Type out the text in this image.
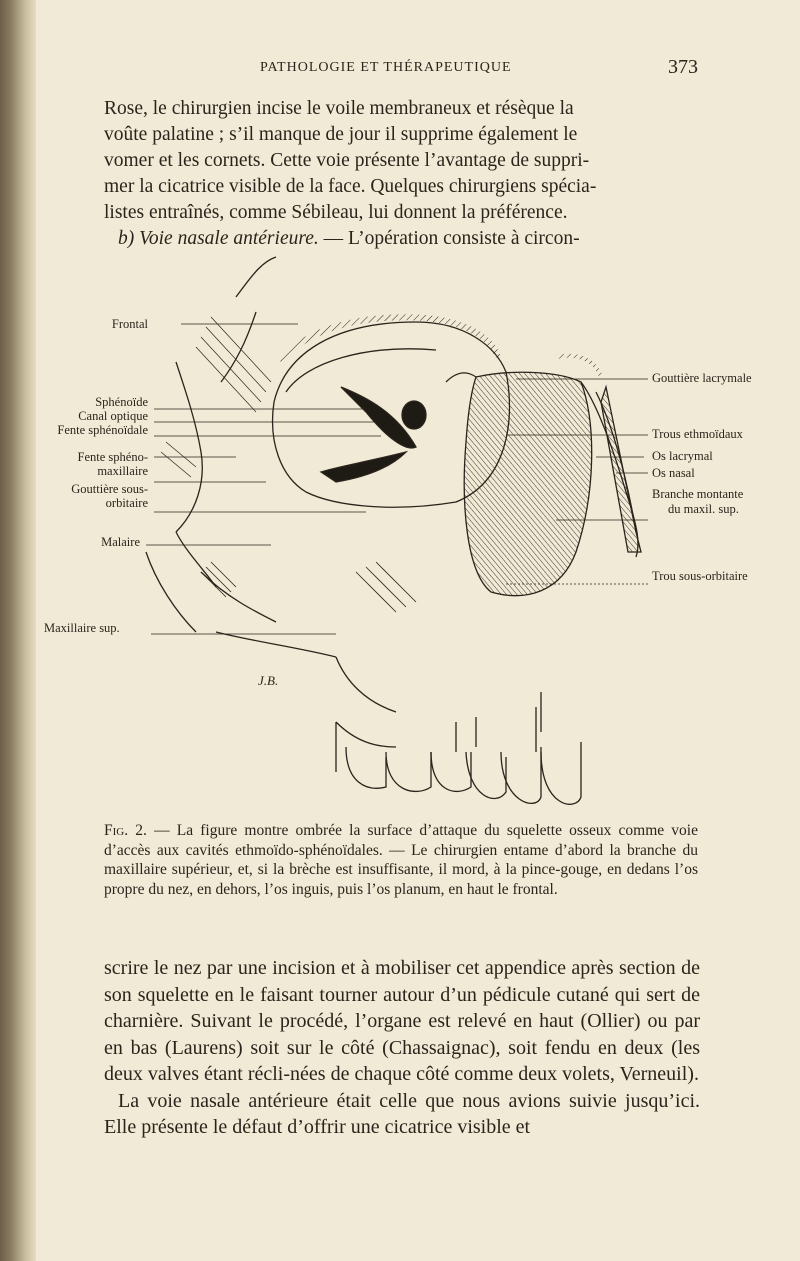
PATHOLOGIE ET THÉRAPEUTIQUE	373

Rose, le chirurgien incise le voile membraneux et résèque la

voûte palatine ; s’il manque de jour il supprime également le

vomer et les cornets. Cette voie présente l’avantage de suppri-

mer la cicatrice visible de la face. Quelques chirurgiens spécia-

listes entraînés, comme Sébileau, lui donnent la préférence.

b) Voie nasale antérieure. — L’opération consiste à circon-

Frontal
Sphénoïde
Canal optique
Fente sphénoïdale
Fente sphéno-
maxillaire
Gouttière sous-
orbitaire
Malaire
Maxillaire sup.
Gouttière lacrymale
Trous ethmoïdaux
Os lacrymal
Os nasal
Branche montante
du maxil. sup.
Trou sous-orbitaire
J.B.
Fig. 2. — La figure montre ombrée la surface d’attaque du squelette osseux comme voie d’accès aux cavités ethmoïdo-sphénoïdales. — Le chirurgien entame d’abord la branche du maxillaire supérieur, et, si la brèche est insuffisante, il mord, à la pince-gouge, en dedans l’os propre du nez, en dehors, l’os inguis, puis l’os planum, en haut le frontal.

scrire le nez par une incision et à mobiliser cet appendice après section de son squelette en le faisant tourner autour d’un pédicule cutané qui sert de charnière. Suivant le procédé, l’organe est relevé en haut (Ollier) ou par en bas (Laurens) soit sur le côté (Chassaignac), soit fendu en deux (les deux valves étant récli-nées de chaque côté comme deux volets, Verneuil).

La voie nasale antérieure était celle que nous avions suivie jusqu’ici. Elle présente le défaut d’offrir une cicatrice visible et
